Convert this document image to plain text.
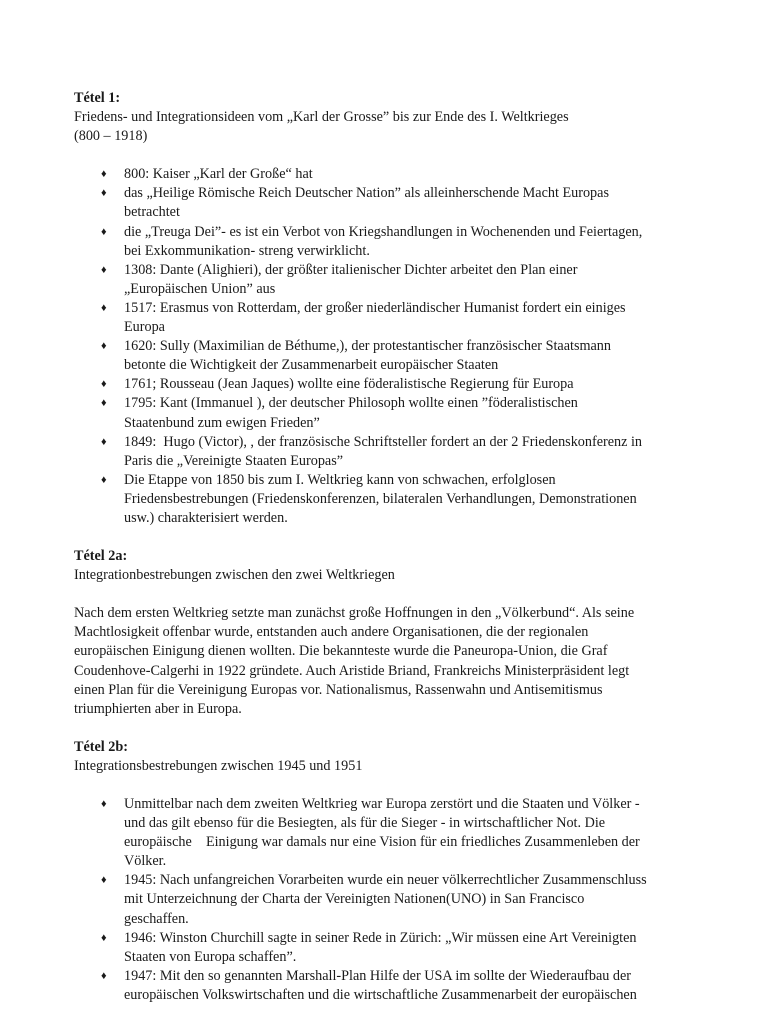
Tétel 1:
Friedens- und Integrationsideen vom „Karl der Grosse” bis zur Ende des I. Weltkrieges
(800 – 1918)
♦ 800: Kaiser „Karl der Große“ hat
♦ das „Heilige Römische Reich Deutscher Nation” als alleinherschende Macht Europas
betrachtet
♦ die „Treuga Dei”- es ist ein Verbot von Kriegshandlungen in Wochenenden und Feiertagen,
bei Exkommunikation- streng verwirklicht.
♦ 1308: Dante (Alighieri), der größter italienischer Dichter arbeitet den Plan einer
„Europäischen Union” aus
♦ 1517: Erasmus von Rotterdam, der großer niederländischer Humanist fordert ein einiges
Europa
♦ 1620: Sully (Maximilian de Béthume,), der protestantischer französischer Staatsmann
betonte die Wichtigkeit der Zusammenarbeit europäischer Staaten
♦ 1761; Rousseau (Jean Jaques) wollte eine föderalistische Regierung für Europa
♦ 1795: Kant (Immanuel ), der deutscher Philosoph wollte einen ”föderalistischen
Staatenbund zum ewigen Frieden”
♦ 1849:  Hugo (Victor), , der französische Schriftsteller fordert an der 2 Friedenskonferenz in
Paris die „Vereinigte Staaten Europas”
♦ Die Etappe von 1850 bis zum I. Weltkrieg kann von schwachen, erfolglosen
Friedensbestrebungen (Friedenskonferenzen, bilateralen Verhandlungen, Demonstrationen
usw.) charakterisiert werden.
Tétel 2a:
Integrationbestrebungen zwischen den zwei Weltkriegen
Nach dem ersten Weltkrieg setzte man zunächst große Hoffnungen in den „Völkerbund“. Als seine
Machtlosigkeit offenbar wurde, entstanden auch andere Organisationen, die der regionalen
europäischen Einigung dienen wollten. Die bekannteste wurde die Paneuropa-Union, die Graf
Coudenhove-Calgerhi in 1922 gründete. Auch Aristide Briand, Frankreichs Ministerpräsident legt
einen Plan für die Vereinigung Europas vor. Nationalismus, Rassenwahn und Antisemitismus
triumphierten aber in Europa.
Tétel 2b:
Integrationsbestrebungen zwischen 1945 und 1951
♦ Unmittelbar nach dem zweiten Weltkrieg war Europa zerstört und die Staaten und Völker -
und das gilt ebenso für die Besiegten, als für die Sieger - in wirtschaftlicher Not. Die
europäische    Einigung war damals nur eine Vision für ein friedliches Zusammenleben der
Völker.
♦ 1945: Nach unfangreichen Vorarbeiten wurde ein neuer völkerrechtlicher Zusammenschluss
mit Unterzeichnung der Charta der Vereinigten Nationen(UNO) in San Francisco
geschaffen.
♦ 1946: Winston Churchill sagte in seiner Rede in Zürich: „Wir müssen eine Art Vereinigten
Staaten von Europa schaffen”.
♦ 1947: Mit den so genannten Marshall-Plan Hilfe der USA im sollte der Wiederaufbau der
europäischen Volkswirtschaften und die wirtschaftliche Zusammenarbeit der europäischen
